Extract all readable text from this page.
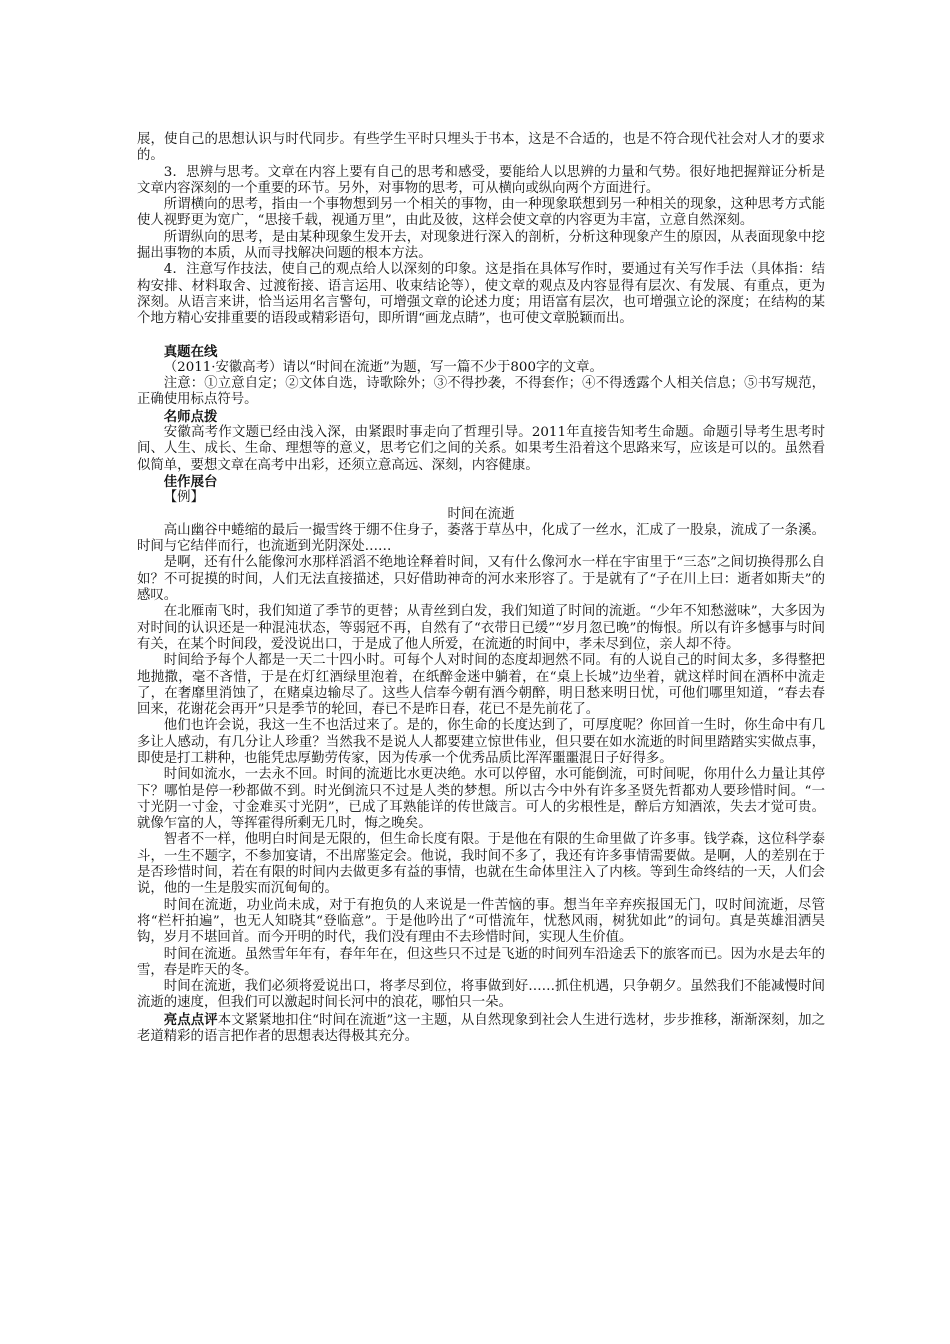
展，使自己的思想认识与时代同步。有些学生平时只埋头于书本，这是不合适的，也是不符合现代社会对人才的要求的。

3．思辨与思考。文章在内容上要有自己的思考和感受，要能给人以思辨的力量和气势。很好地把握辩证分析是文章内容深刻的一个重要的环节。另外，对事物的思考，可从横向或纵向两个方面进行。

所谓横向的思考，指由一个事物想到另一个相关的事物，由一种现象联想到另一种相关的现象，这种思考方式能使人视野更为宽广，“思接千载，视通万里”，由此及彼，这样会使文章的内容更为丰富，立意自然深刻。

所谓纵向的思考，是由某种现象生发开去，对现象进行深入的剖析，分析这种现象产生的原因，从表面现象中挖掘出事物的本质，从而寻找解决问题的根本方法。

4．注意写作技法，使自己的观点给人以深刻的印象。这是指在具体写作时，要通过有关写作手法（具体指：结构安排、材料取舍、过渡衔接、语言运用、收束结论等），使文章的观点及内容显得有层次、有发展、有重点，更为深刻。从语言来讲，恰当运用名言警句，可增强文章的论述力度；用语富有层次，也可增强立论的深度；在结构的某个地方精心安排重要的语段或精彩语句，即所谓“画龙点睛”，也可使文章脱颖而出。

真题在线

（2011·安徽高考）请以“时间在流逝”为题，写一篇不少于800字的文章。

注意：①立意自定；②文体自选，诗歌除外；③不得抄袭，不得套作；④不得透露个人相关信息；⑤书写规范，正确使用标点符号。

名师点拨

安徽高考作文题已经由浅入深，由紧跟时事走向了哲理引导。2011年直接告知考生命题。命题引导考生思考时间、人生、成长、生命、理想等的意义，思考它们之间的关系。如果考生沿着这个思路来写，应该是可以的。虽然看似简单，要想文章在高考中出彩，还须立意高远、深刻，内容健康。

佳作展台

【例】

时间在流逝

高山幽谷中蜷缩的最后一撮雪终于绷不住身子，萎落于草丛中，化成了一丝水，汇成了一股泉，流成了一条溪。时间与它结伴而行，也流逝到光阴深处……

是啊，还有什么能像河水那样滔滔不绝地诠释着时间，又有什么像河水一样在宇宙里于“三态”之间切换得那么自如？不可捉摸的时间，人们无法直接描述，只好借助神奇的河水来形容了。于是就有了“子在川上曰：逝者如斯夫”的感叹。

在北雁南飞时，我们知道了季节的更替；从青丝到白发，我们知道了时间的流逝。“少年不知愁滋味”，大多因为对时间的认识还是一种混沌状态，等弱冠不再，自然有了“衣带日已缓”“岁月忽已晚”的悔恨。所以有许多憾事与时间有关，在某个时间段，爱没说出口，于是成了他人所爱，在流逝的时间中，孝未尽到位，亲人却不待。

时间给予每个人都是一天二十四小时。可每个人对时间的态度却迥然不同。有的人说自己的时间太多，多得整把地抛撒，毫不吝惜，于是在灯红酒绿里泡着，在纸醉金迷中躺着，在“桌上长城”边坐着，就这样时间在酒杯中流走了，在奢靡里消蚀了，在赌桌边输尽了。这些人信奉今朝有酒今朝醉，明日愁来明日忧，可他们哪里知道，“春去春回来，花谢花会再开”只是季节的轮回，春已不是昨日春，花已不是先前花了。

他们也许会说，我这一生不也活过来了。是的，你生命的长度达到了，可厚度呢？你回首一生时，你生命中有几多让人感动，有几分让人珍重？当然我不是说人人都要建立惊世伟业，但只要在如水流逝的时间里踏踏实实做点事，即使是打工耕种，也能凭忠厚勤劳传家，因为传承一个优秀品质比浑浑噩噩混日子好得多。

时间如流水，一去永不回。时间的流逝比水更决绝。水可以停留，水可能倒流，可时间呢，你用什么力量让其停下？哪怕是停一秒都做不到。时光倒流只不过是人类的梦想。所以古今中外有许多圣贤先哲都劝人要珍惜时间。“一寸光阴一寸金，寸金难买寸光阴”，已成了耳熟能详的传世箴言。可人的劣根性是，醉后方知酒浓，失去才觉可贵。就像乍富的人，等挥霍得所剩无几时，悔之晚矣。

智者不一样，他明白时间是无限的，但生命长度有限。于是他在有限的生命里做了许多事。钱学森，这位科学泰斗，一生不题字，不参加宴请，不出席鉴定会。他说，我时间不多了，我还有许多事情需要做。是啊，人的差别在于是否珍惜时间，若在有限的时间内去做更多有益的事情，也就在生命体里注入了内核。等到生命终结的一天，人们会说，他的一生是殷实而沉甸甸的。

时间在流逝，功业尚未成，对于有抱负的人来说是一件苦恼的事。想当年辛弃疾报国无门，叹时间流逝，尽管将“栏杆拍遍”，也无人知晓其“登临意”。于是他吟出了“可惜流年，忧愁风雨，树犹如此”的词句。真是英雄泪洒吴钩，岁月不堪回首。而今开明的时代，我们没有理由不去珍惜时间，实现人生价值。

时间在流逝。虽然雪年年有，春年年在，但这些只不过是飞逝的时间列车沿途丢下的旅客而已。因为水是去年的雪，春是昨天的冬。

时间在流逝，我们必须将爱说出口，将孝尽到位，将事做到好……抓住机遇，只争朝夕。虽然我们不能减慢时间流逝的速度，但我们可以激起时间长河中的浪花，哪怕只一朵。

亮点点评本文紧紧地扣住“时间在流逝”这一主题，从自然现象到社会人生进行选材，步步推移，渐渐深刻，加之老道精彩的语言把作者的思想表达得极其充分。
